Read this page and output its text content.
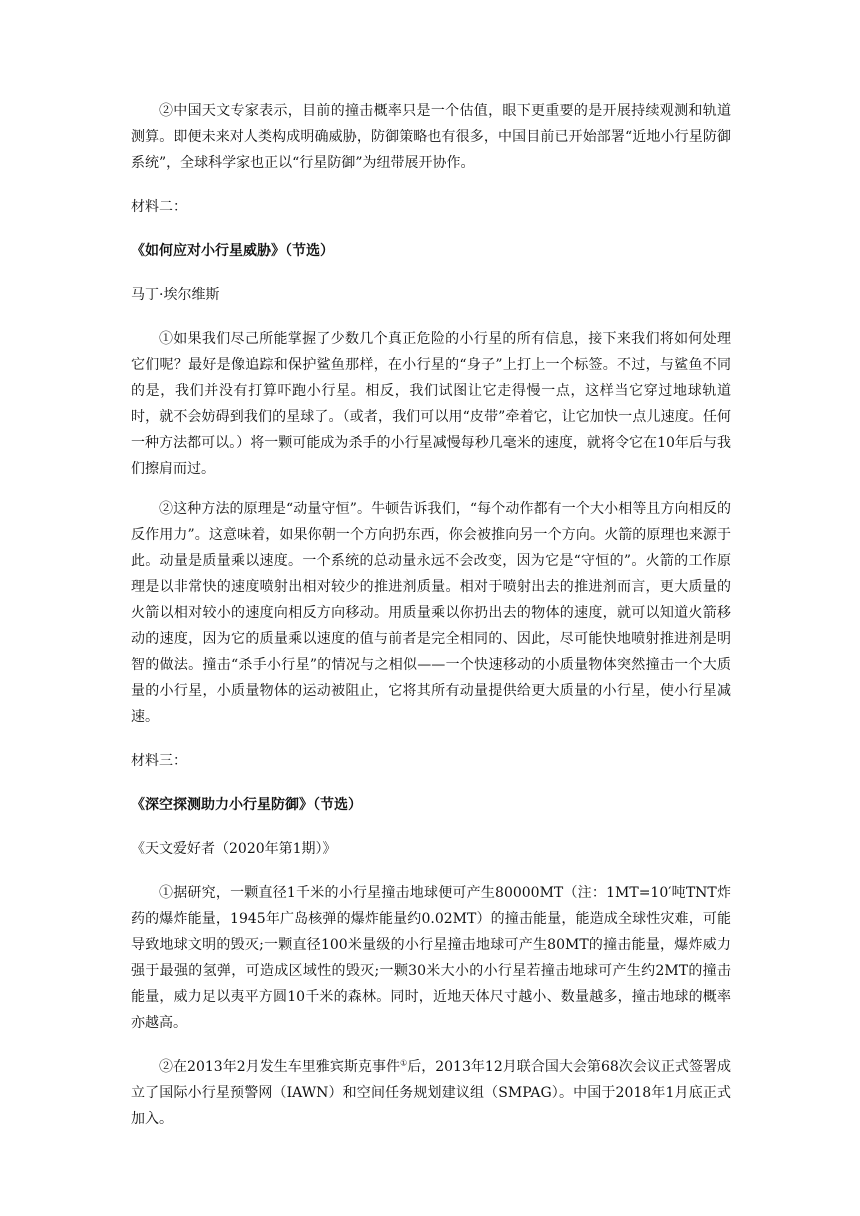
②中国天文专家表示，目前的撞击概率只是一个估值，眼下更重要的是开展持续观测和轨道测算。即便未来对人类构成明确威胁，防御策略也有很多，中国目前已开始部署“近地小行星防御系统”，全球科学家也正以“行星防御”为纽带展开协作。

材料二：

《如何应对小行星威胁》（节选）

马丁·埃尔维斯

①如果我们尽己所能掌握了少数几个真正危险的小行星的所有信息，接下来我们将如何处理它们呢？最好是像追踪和保护鲨鱼那样，在小行星的“身子”上打上一个标签。不过，与鲨鱼不同的是，我们并没有打算吓跑小行星。相反，我们试图让它走得慢一点，这样当它穿过地球轨道时，就不会妨碍到我们的星球了。（或者，我们可以用“皮带”牵着它，让它加快一点儿速度。任何一种方法都可以。）将一颗可能成为杀手的小行星减慢每秒几毫米的速度，就将令它在10年后与我们擦肩而过。

②这种方法的原理是“动量守恒”。牛顿告诉我们，“每个动作都有一个大小相等且方向相反的反作用力”。这意味着，如果你朝一个方向扔东西，你会被推向另一个方向。火箭的原理也来源于此。动量是质量乘以速度。一个系统的总动量永远不会改变，因为它是“守恒的”。火箭的工作原理是以非常快的速度喷射出相对较少的推进剂质量。相对于喷射出去的推进剂而言，更大质量的火箭以相对较小的速度向相反方向移动。用质量乘以你扔出去的物体的速度，就可以知道火箭移动的速度，因为它的质量乘以速度的值与前者是完全相同的、因此，尽可能快地喷射推进剂是明智的做法。撞击“杀手小行星”的情况与之相似——一个快速移动的小质量物体突然撞击一个大质量的小行星，小质量物体的运动被阻止，它将其所有动量提供给更大质量的小行星，使小行星减速。

材料三：

《深空探测助力小行星防御》（节选）

《天文爱好者（2020年第1期）》

①据研究，一颗直径1千米的小行星撞击地球便可产生80000MT（注：1MT=10′吨TNT炸药的爆炸能量，1945年广岛核弹的爆炸能量约0.02MT）的撞击能量，能造成全球性灾难，可能导致地球文明的毁灭;一颗直径100米量级的小行星撞击地球可产生80MT的撞击能量，爆炸威力强于最强的氢弹，可造成区域性的毁灭;一颗30米大小的小行星若撞击地球可产生约2MT的撞击能量，威力足以夷平方圆10千米的森林。同时，近地天体尺寸越小、数量越多，撞击地球的概率亦越高。

②在2013年2月发生车里雅宾斯克事件①后，2013年12月联合国大会第68次会议正式签署成立了国际小行星预警网（IAWN）和空间任务规划建议组（SMPAG）。中国于2018年1月底正式加入。
